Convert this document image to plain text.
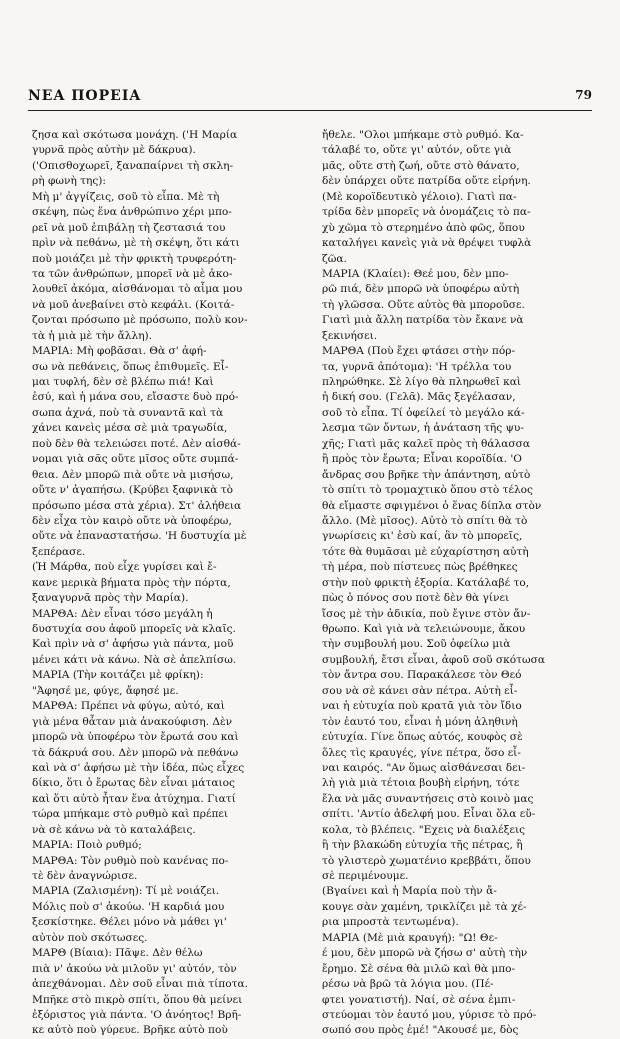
ΝΕΑ ΠΟΡΕΙΑ	79
ζησα καὶ σκότωσα μονάχη. ('Η Μαρία
γυρνᾶ πρὸς αὐτὴν μὲ δάκρυα).
('Οπισθοχωρεῖ, ξαναπαίρνει τὴ σκλη-
ρὴ φωνὴ της):
Μὴ μ' ἀγγίζεις, σοῦ τὸ εἶπα. Μὲ τὴ
σκέψη, πὼς ἕνα ἀνθρώπινο χέρι μπο-
ρεῖ νὰ μοῦ ἐπιβάλῃ τὴ ζεστασιά του
πρὶν νὰ πεθάνω, μὲ τὴ σκέψη, ὅτι κάτι
ποὺ μοιάζει μὲ τὴν φρικτὴ τρυφερότη-
τα τῶν ἀνθρώπων, μπορεῖ νὰ μὲ ἀκο-
λουθεῖ ἀκόμα, αἰσθάνομαι τὸ αἷμα μου
νὰ μοῦ ἀνεβαίνει στὸ κεφάλι. (Κοιτά-
ζονται πρόσωπο μὲ πρόσωπο, πολὺ κον-
τὰ ἡ μιὰ μὲ τὴν ἄλλη).
ΜΑΡΙΑ: Μὴ φοβᾶσαι. Θὰ σ' ἀφή-
σω νὰ πεθάνεις, ὅπως ἐπιθυμεῖς. Εἶ-
μαι τυφλή, δὲν σὲ βλέπω πιά! Καὶ
ἐσύ, καὶ ἡ μάνα σου, εἴσαστε δυὸ πρό-
σωπα ἀχνά, ποὺ τὰ συναντᾶ καὶ τὰ
χάνει κανεὶς μέσα σὲ μιὰ τραγωδία,
ποὺ δὲν θὰ τελειώσει ποτέ. Δὲν αἰσθά-
νομαι γιὰ σᾶς οὔτε μῖσος οὔτε συμπά-
θεια. Δὲν μπορῶ πιὰ οὔτε νὰ μισήσω,
οὔτε ν' ἀγαπήσω. (Κρύβει ξαφνικὰ τὸ
πρόσωπο μέσα στὰ χέρια). Στ' ἀλήθεια
δὲν εἶχα τὸν καιρὸ οὔτε νὰ ὑποφέρω,
οὔτε νὰ ἐπαναστατήσω. 'Η δυστυχία μὲ
ξεπέρασε.
(Ἡ Μάρθα, ποὺ εἶχε γυρίσει καὶ ἔ-
κανε μερικὰ βήματα πρὸς τὴν πόρτα,
ξαναγυρνᾶ πρὸς τὴν Μαρία).
ΜΑΡΘΑ: Δὲν εἶναι τόσο μεγάλη ἡ
δυστυχία σου ἀφοῦ μπορεῖς νὰ κλαῖς.
Καὶ πρὶν νὰ σ' ἀφήσω γιὰ πάντα, μοῦ
μένει κάτι νὰ κάνω. Νὰ σὲ ἀπελπίσω.
ΜΑΡΙΑ (Τὴν κοιτάζει μὲ φρίκη):
"Ἀφησέ με, φύγε, ἄφησέ με.
ΜΑΡΘΑ: Πρέπει νὰ φύγω, αὐτό, καὶ
γιὰ μένα θἆταν μιὰ ἀνακούφιση. Δὲν
μπορῶ νὰ ὑποφέρω τὸν ἔρωτά σου καὶ
τὰ δάκρυά σου. Δὲν μπορῶ νὰ πεθάνω
καὶ νὰ σ' ἀφήσω μὲ τὴν ἰδέα, πὼς εἶχες
δίκιο, ὅτι ὁ ἔρωτας δὲν εἶναι μάταιος
καὶ ὅτι αὐτὸ ἦταν ἕνα ἀτύχημα. Γιατί
τώρα μπήκαμε στὸ ρυθμὸ καὶ πρέπει
νὰ σὲ κάνω νὰ τὸ καταλάβεις.
ΜΑΡΙΑ: Ποιὸ ρυθμό;
ΜΑΡΘΑ: Τὸν ρυθμὸ ποὺ κανένας πο-
τὲ δὲν ἀναγνώρισε.
ΜΑΡΙΑ (Ζαλισμένη): Τί μὲ νοιάζει.
Μόλις ποὺ σ' ἀκούω. 'Η καρδιά μου
ξεσκίστηκε. Θέλει μόνο νὰ μάθει γι'
αὐτὸν ποὺ σκότωσες.
ΜΑΡΘ (Βίαια): Πᾶψε. Δὲν θέλω
πιὰ ν' ἀκούω νὰ μιλοῦν γι' αὐτόν, τὸν
ἀπεχθάνομαι. Δὲν σοῦ εἶναι πιὰ τίποτα.
Μπῆκε στὸ πικρὸ σπίτι, ὅπου θὰ μείνει
ἐξόριστος γιὰ πάντα. 'Ο ἀνόητος! Βρῆ-
κε αὐτὸ ποὺ γύρευε. Βρῆκε αὐτὸ ποὺ
ἤθελε. "Ολοι μπήκαμε στὸ ρυθμό. Κα-
τάλαβέ το, οὔτε γι' αὐτόν, οὔτε γιὰ
μᾶς, οὔτε στὴ ζωή, οὔτε στὸ θάνατο,
δὲν ὑπάρχει οὔτε πατρίδα οὔτε εἰρήνη.
(Μὲ κοροϊδευτικὸ γέλοιο). Γιατὶ πα-
τρίδα δὲν μπορεῖς νὰ ὀνομάζεις τὸ πα-
χὺ χῶμα τὸ στερημένο ἀπὸ φῶς, ὅπου
καταλήγει κανεὶς γιὰ νὰ θρέψει τυφλὰ
ζῶα.
ΜΑΡΙΑ (Κλαίει): Θεέ μου, δὲν μπο-
ρῶ πιά, δὲν μπορῶ νὰ ὑποφέρω αὐτὴ
τὴ γλῶσσα. Οὔτε αὐτὸς θὰ μποροῦσε.
Γιατὶ μιὰ ἄλλη πατρίδα τὸν ἔκανε νὰ
ξεκινήσει.
ΜΑΡΘΑ (Ποὺ ἔχει φτάσει στὴν πόρ-
τα, γυρνᾶ ἀπότομα): 'Η τρέλλα του
πληρώθηκε. Σὲ λίγο θὰ πληρωθεῖ καὶ
ἡ δική σου. (Γελᾶ). Μᾶς ξεγέλασαν,
σοῦ τὸ εἶπα. Τί ὀφείλεί τὸ μεγάλο κά-
λεσμα τῶν ὄντων, ἡ ἀνάταση τῆς ψυ-
χῆς; Γιατὶ μᾶς καλεῖ πρὸς τὴ θάλασσα
ἢ πρὸς τὸν ἔρωτα; Εἶναι κοροϊδία. 'Ο
ἄνδρας σου βρῆκε τὴν ἀπάντηση, αὐτὸ
τὸ σπίτι τὸ τρομαχτικὸ ὅπου στὸ τέλος
θὰ εἴμαστε σφιγμένοι ὁ ἕνας δίπλα στὸν
ἄλλο. (Μὲ μῖσος). Αὐτὸ τὸ σπίτι θὰ τὸ
γνωρίσεις κι' ἐσὺ καί, ἂν τὸ μπορεῖς,
τότε θὰ θυμᾶσαι μὲ εὐχαρίστηση αὐτὴ
τὴ μέρα, ποὺ πίστευες πὼς βρέθηκες
στὴν ποὺ φρικτὴ ἐξορία. Κατάλαβέ το,
πὼς ὁ πόνος σου ποτὲ δὲν θὰ γίνει
ἴσος μὲ τὴν ἀδικία, ποὺ ἔγινε στὸν ἄν-
θρωπο. Καὶ γιὰ νὰ τελειώνουμε, ἄκου
τὴν συμβουλή μου. Σοῦ ὀφείλω μιὰ
συμβουλή, ἔτσι εἶναι, ἀφοῦ σοῦ σκότωσα
τὸν ἄντρα σου. Παρακάλεσε τὸν Θεό
σου νὰ σὲ κάνει σὰν πέτρα. Αὐτὴ εἶ-
ναι ἡ εὐτυχία ποὺ κρατᾶ γιὰ τὸν ἴδιο
τὸν ἑαυτό του, εἶναι ἡ μόνη ἀληθινὴ
εὐτυχία. Γίνε ὅπως αὐτός, κουφὸς σὲ
ὅλες τὶς κραυγές, γίνε πέτρα, ὅσο εἶ-
ναι καιρός. "Αν ὅμως αἰσθάνεσαι δει-
λὴ γιὰ μιὰ τέτοια βουβὴ εἰρήνη, τότε
ἔλα νὰ μᾶς συναντήσεις στὸ κοινὸ μας
σπίτι. 'Αντίο ἀδελφή μου. Εἶναι ὅλα εὔ-
κολα, τὸ βλέπεις. "Εχεις νὰ διαλέξεις
ἢ τὴν βλακώδη εὐτυχία τῆς πέτρας, ἢ
τὸ γλιστερὸ χωματένιο κρεββάτι, ὅπου
σὲ περιμένουμε.
(Βγαίνει καὶ ἡ Μαρία ποὺ τὴν ἄ-
κουγε σὰν χαμένη, τρικλίζει μὲ τὰ χέ-
ρια μπροστὰ τεντωμένα).
ΜΑΡΙΑ (Μὲ μιὰ κραυγή): "Ω! Θε-
έ μου, δὲν μπορῶ νὰ ζήσω σ' αὐτὴ τὴν
ἔρημο. Σὲ σένα θὰ μιλῶ καὶ θὰ μπο-
ρέσω νὰ βρῶ τὰ λόγια μου. (Πέ-
φτει γονατιστή). Ναί, σὲ σένα ἐμπι-
στεύομαι τὸν ἑαυτό μου, γύρισε τὸ πρό-
σωπό σου πρὸς ἐμέ! "Ακουσέ με, δὸς
